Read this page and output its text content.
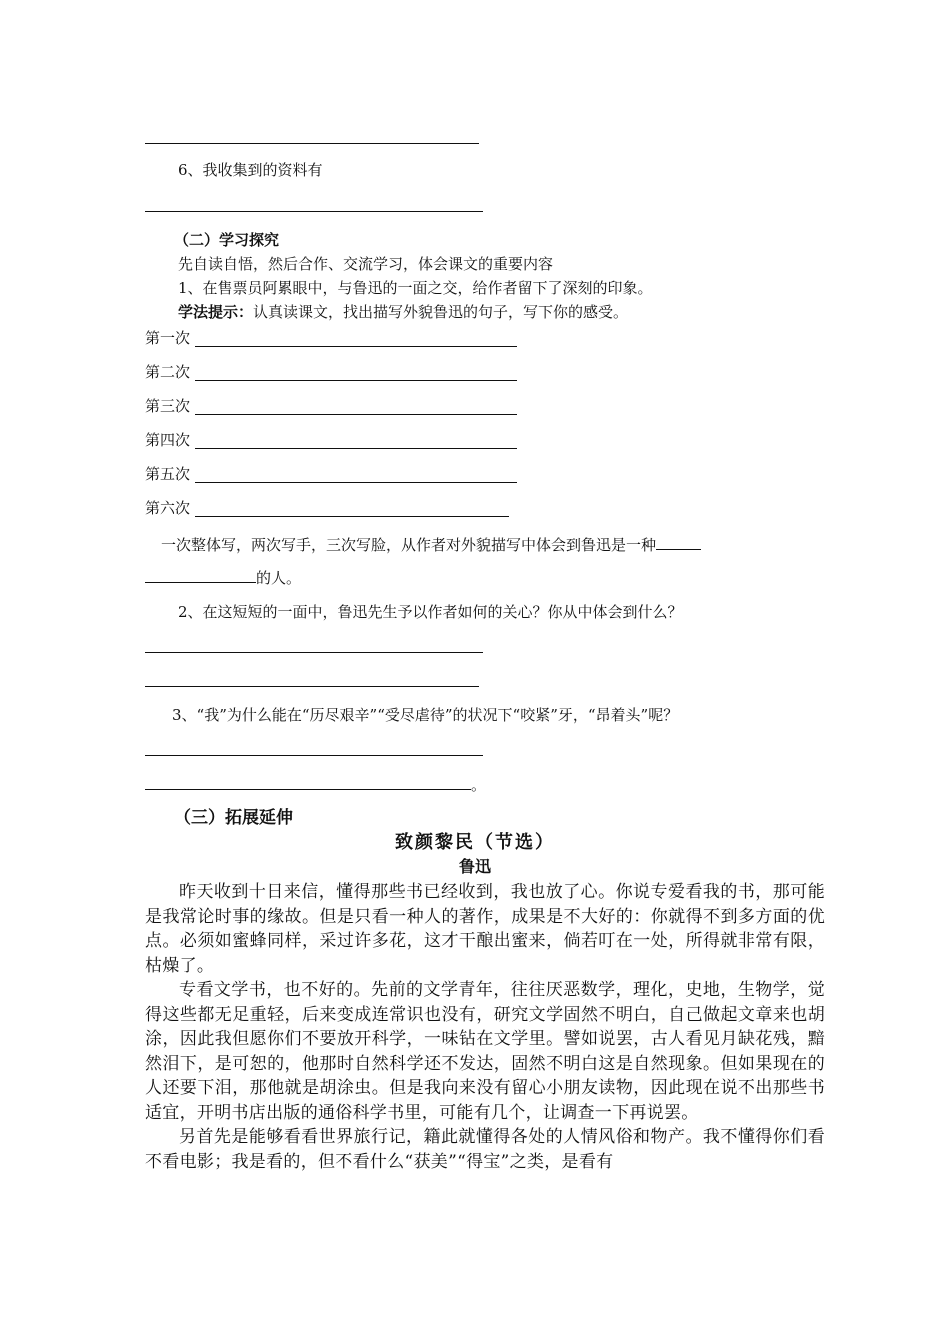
6、我收集到的资料有
（二）学习探究
先自读自悟，然后合作、交流学习，体会课文的重要内容
1、在售票员阿累眼中，与鲁迅的一面之交，给作者留下了深刻的印象。
学法提示：认真读课文，找出描写外貌鲁迅的句子，写下你的感受。
第一次
第二次
第三次
第四次
第五次
第六次
一次整体写，两次写手，三次写脸，从作者对外貌描写中体会到鲁迅是一种
的人。
2、在这短短的一面中，鲁迅先生予以作者如何的关心？你从中体会到什么？
3、“我”为什么能在“历尽艰辛”“受尽虐待”的状况下“咬紧”牙，“昂着头”呢？
。
（三）拓展延伸
致颜黎民（节选）
鲁迅

昨天收到十日来信，懂得那些书已经收到，我也放了心。你说专爱看我的书，那可能是我常论时事的缘故。但是只看一种人的著作，成果是不大好的：你就得不到多方面的优点。必须如蜜蜂同样，采过许多花，这才干酿出蜜来，倘若叮在一处，所得就非常有限，枯燥了。

专看文学书，也不好的。先前的文学青年，往往厌恶数学，理化，史地，生物学，觉得这些都无足重轻，后来变成连常识也没有，研究文学固然不明白，自己做起文章来也胡涂，因此我但愿你们不要放开科学，一味钻在文学里。譬如说罢，古人看见月缺花残，黯然泪下，是可恕的，他那时自然科学还不发达，固然不明白这是自然现象。但如果现在的人还要下泪，那他就是胡涂虫。但是我向来没有留心小朋友读物，因此现在说不出那些书适宜，开明书店出版的通俗科学书里，可能有几个，让调查一下再说罢。

另首先是能够看看世界旅行记，籍此就懂得各处的人情风俗和物产。我不懂得你们看不看电影；我是看的，但不看什么“获美”“得宝”之类，是看有
